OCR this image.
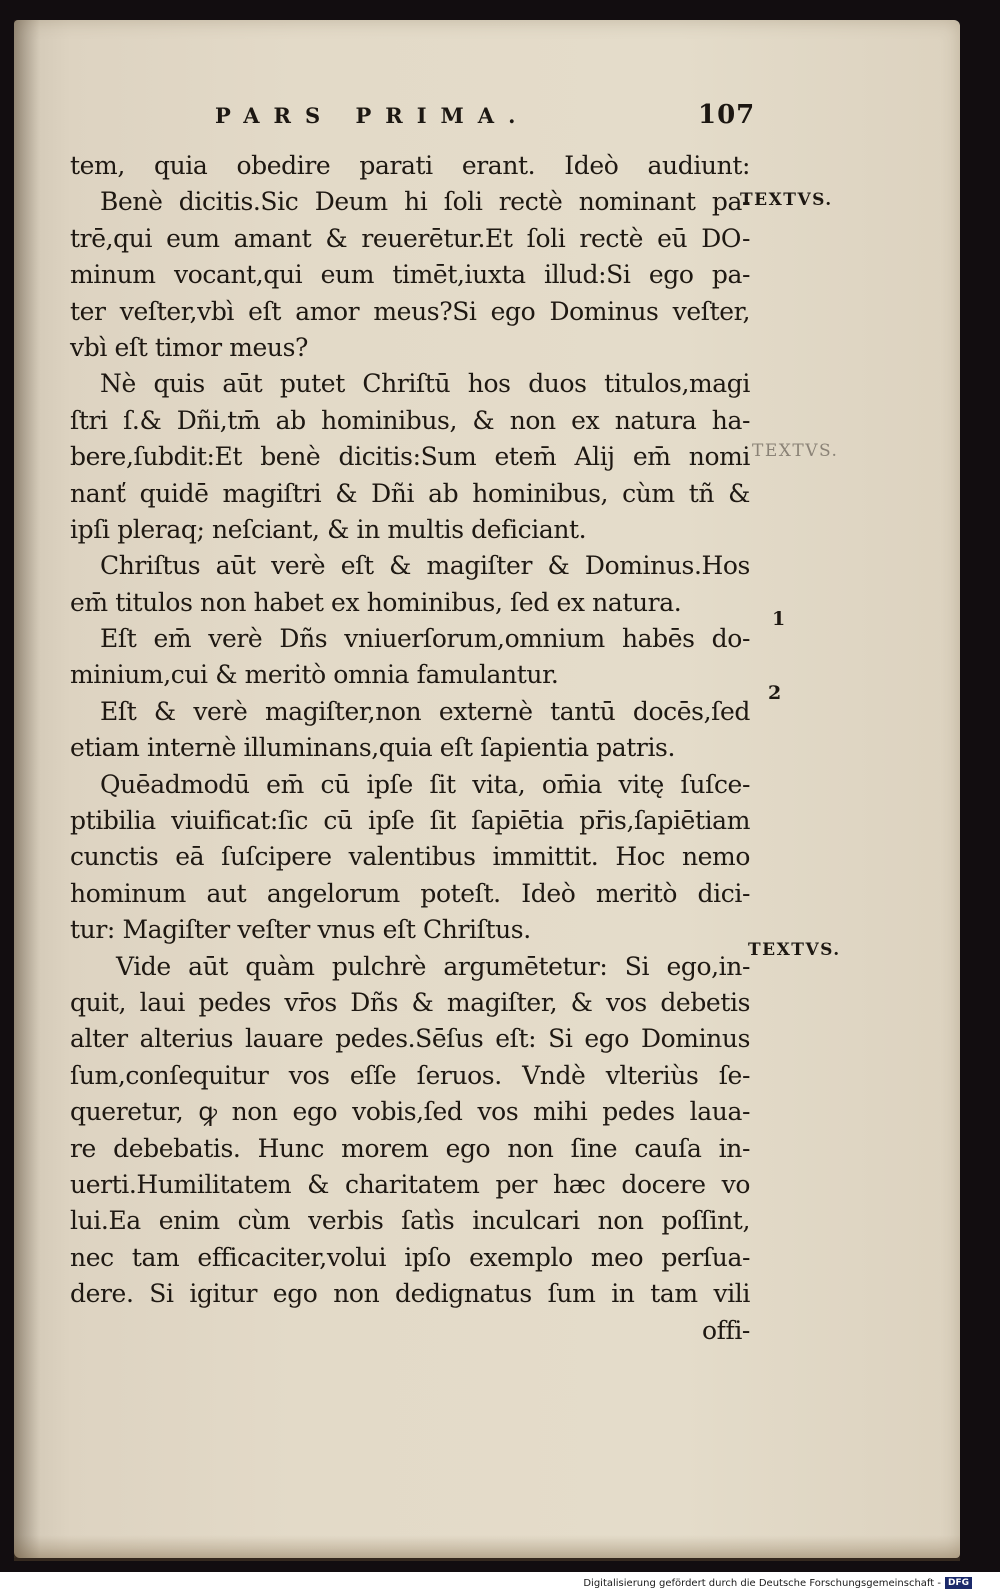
PARS PRIMA.	107
tem, quia obedire parati erant. Ideò audiunt:
Benè dicitis.Sic Deum hi ſoli rectè nominant pa-
trē,qui eum amant & reuerētur.Et ſoli rectè eū DO-
minum vocant,qui eum timēt,iuxta illud:Si ego pa-
ter veſter,vbì eſt amor meus?Si ego Dominus veſter,
vbì eſt timor meus?
Nè quis aūt putet Chriſtū hos duos titulos,magi
ſtri ſ.& Dñi,tm̄ ab hominibus, & non ex natura ha-
bere,ſubdit:Et benè dicitis:Sum etem̄ Alij em̄ nomi
nanť quidē magiſtri & Dñi ab hominibus, cùm tñ &
ipſi pleraq; neſciant, & in multis deficiant.
Chriſtus aūt verè eſt & magiſter & Dominus.Hos
em̄ titulos non habet ex hominibus, ſed ex natura.
Eſt em̄ verè Dñs vniuerſorum,omnium habēs do-
minium,cui & meritò omnia famulantur.
Eſt & verè magiſter,non externè tantū docēs,ſed
etiam internè illuminans,quia eſt ſapientia patris.
Quēadmodū em̄ cū ipſe ſit vita, om̄ia vitę ſuſce-
ptibilia viuificat:ſic cū ipſe ſit ſapiētia pr̄is,ſapiētiam
cunctis eā ſuſcipere valentibus immittit. Hoc nemo
hominum aut angelorum poteſt. Ideò meritò dici-
tur: Magiſter veſter vnus eſt Chriſtus.
Vide aūt quàm pulchrè argumētetur: Si ego,in-
quit, laui pedes vr̄os Dñs & magiſter, & vos debetis
alter alterius lauare pedes.Sēſus eſt: Si ego Dominus
ſum,conſequitur vos eſſe ſeruos. Vndè vlteriùs ſe-
queretur, ꝙ non ego vobis,ſed vos mihi pedes laua-
re debebatis. Hunc morem ego non ſine cauſa in-
uerti.Humilitatem & charitatem per hæc docere vo
lui.Ea enim cùm verbis ſatìs inculcari non poſſint,
nec tam efficaciter,volui ipſo exemplo meo perſua-
dere. Si igitur ego non dedignatus ſum in tam vili
offi-
TEXTVS.
TEXTVS.
1
2
TEXTVS.
Digitalisierung gefördert durch die Deutsche Forschungsgemeinschaft - DFG
